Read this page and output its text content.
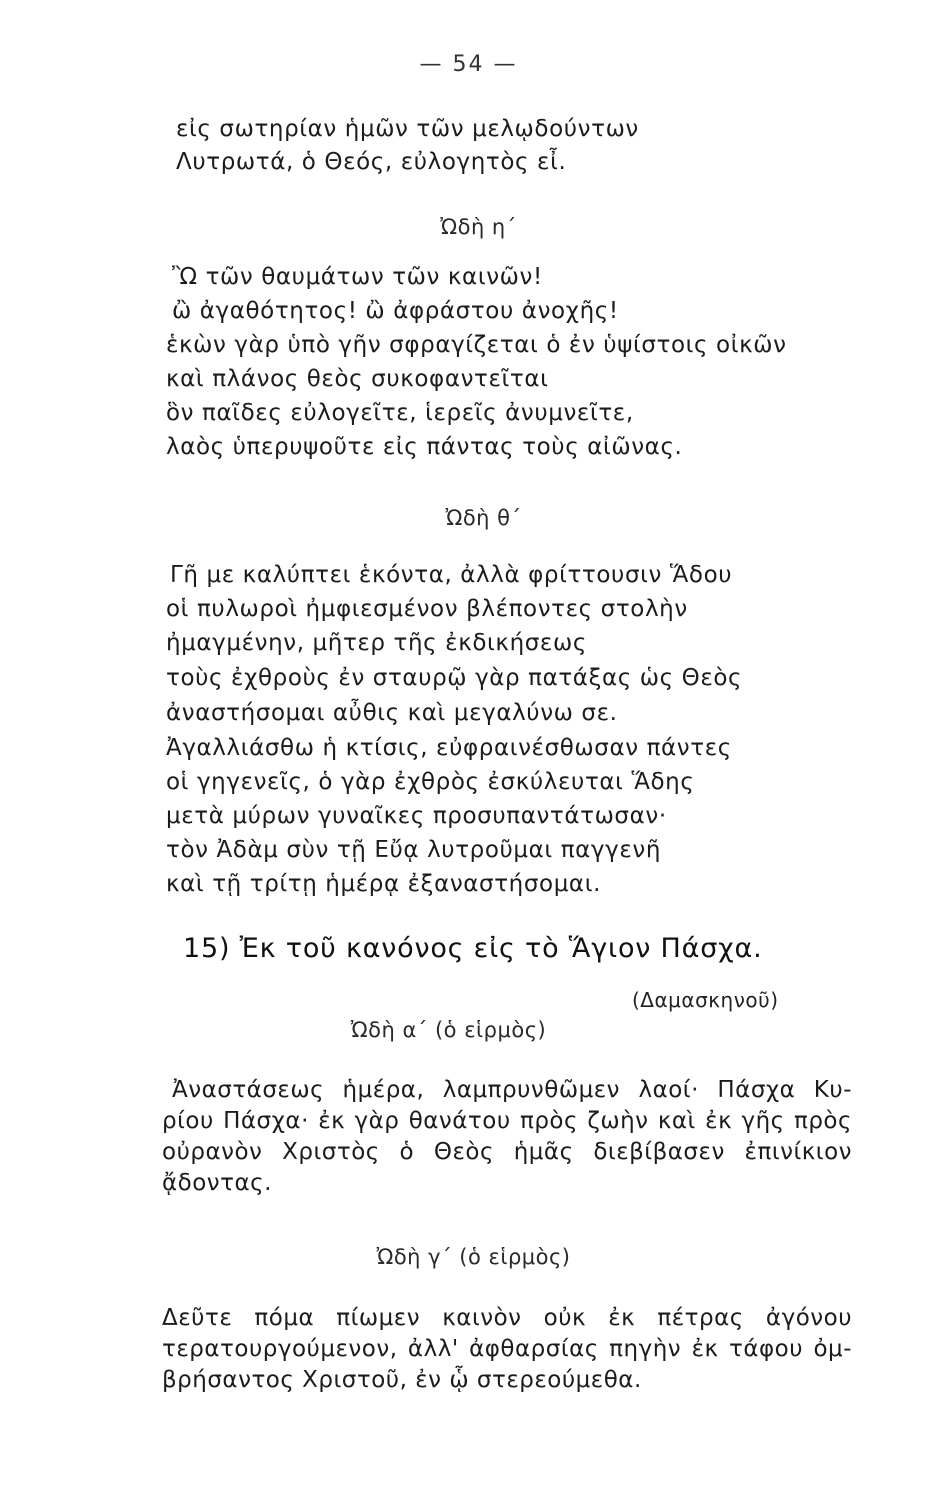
— 54 —
εἰς σωτηρίαν ἡμῶν τῶν μελῳδούντων
Λυτρωτά, ὁ Θεός, εὐλογητὸς εἶ.
Ὠδὴ η΄
Ὢ τῶν θαυμάτων τῶν καινῶν!
ὢ ἀγαθότητος! ὢ ἀφράστου ἀνοχῆς!
ἑκὼν γὰρ ὑπὸ γῆν σφραγίζεται ὁ ἐν ὑψίστοις οἰκῶν
καὶ πλάνος θεὸς συκοφαντεῖται
ὃν παῖδες εὐλογεῖτε, ἱερεῖς ἀνυμνεῖτε,
λαὸς ὑπερυψοῦτε εἰς πάντας τοὺς αἰῶνας.
Ὠδὴ θ΄
Γῆ με καλύπτει ἑκόντα, ἀλλὰ φρίττουσιν Ἅδου
οἱ πυλωροὶ ἠμφιεσμένον βλέποντες στολὴν
ἠμαγμένην, μῆτερ τῆς ἐκδικήσεως
τοὺς ἐχθροὺς ἐν σταυρῷ γὰρ πατάξας ὡς Θεὸς
ἀναστήσομαι αὖθις καὶ μεγαλύνω σε.
Ἀγαλλιάσθω ἡ κτίσις, εὐφραινέσθωσαν πάντες
οἱ γηγενεῖς, ὁ γὰρ ἐχθρὸς ἐσκύλευται Ἅδης
μετὰ μύρων γυναῖκες προσυπαντάτωσαν·
τὸν Ἀδὰμ σὺν τῇ Εὔᾳ λυτροῦμαι παγγενῆ
καὶ τῇ τρίτῃ ἡμέρᾳ ἐξαναστήσομαι.
15) Ἐκ τοῦ κανόνος εἰς τὸ Ἅγιον Πάσχα.
(Δαμασκηνοῦ)
Ὠδὴ α΄ (ὁ εἱρμὸς)
Ἀναστάσεως ἡμέρα, λαμπρυνθῶμεν λαοί· Πάσχα Κυ-
ρίου Πάσχα· ἐκ γὰρ θανάτου πρὸς ζωὴν καὶ ἐκ γῆς πρὸς
οὐρανὸν Χριστὸς ὁ Θεὸς ἡμᾶς διεβίβασεν ἐπινίκιον
ᾄδοντας.
Ὠδὴ γ΄ (ὁ εἱρμὸς)
Δεῦτε πόμα πίωμεν καινὸν οὐκ ἐκ πέτρας ἀγόνου
τερατουργούμενον, ἀλλ' ἀφθαρσίας πηγὴν ἐκ τάφου ὀμ-
βρήσαντος Χριστοῦ, ἐν ᾧ στερεούμεθα.
